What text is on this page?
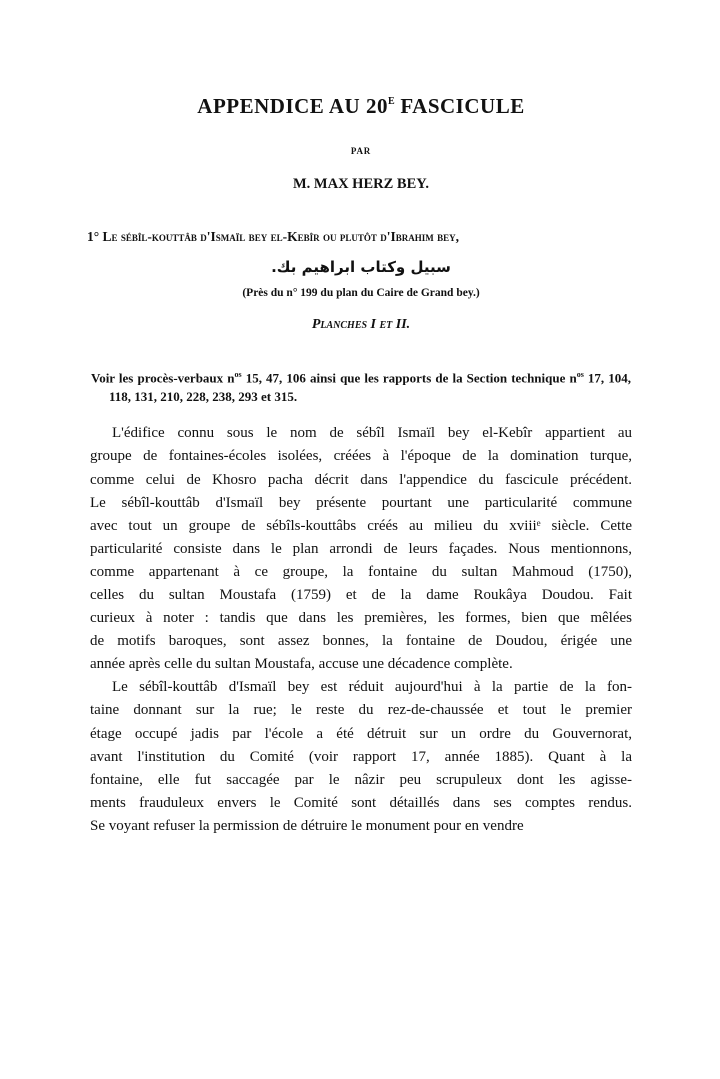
APPENDICE AU $20^E$ FASCICULE
PAR
M. MAX HERZ BEY.
1° Le sébîl-kouttâb d'Ismaïl bey el-Kebîr ou plutôt d'Ibrahim bey,
سبيل وكتاب ابراهيم بك.
(Près du n° 199 du plan du Caire de Grand bey.)
Planches I et II.
Voir les procès-verbaux $n^{os}$ 15, 47, 106 ainsi que les rapports de la Section technique $n^{os}$ 17, 104, 118, 131, 210, 228, 238, 293 et 315.
L'édifice connu sous le nom de sébîl Ismaïl bey el-Kebîr appartient au
groupe de fontaines-écoles isolées, créées à l'époque de la domination turque,
comme celui de Khosro pacha décrit dans l'appendice du fascicule précédent.
Le sébîl-kouttâb d'Ismaïl bey présente pourtant une particularité commune
avec tout un groupe de sébîls-kouttâbs créés au milieu du xviiiᵉ siècle. Cette
particularité consiste dans le plan arrondi de leurs façades. Nous mentionnons,
comme appartenant à ce groupe, la fontaine du sultan Mahmoud (1750),
celles du sultan Moustafa (1759) et de la dame Roukâya Doudou. Fait
curieux à noter : tandis que dans les premières, les formes, bien que mêlées
de motifs baroques, sont assez bonnes, la fontaine de Doudou, érigée une
année après celle du sultan Moustafa, accuse une décadence complète.
Le sébîl-kouttâb d'Ismaïl bey est réduit aujourd'hui à la partie de la fon-
taine donnant sur la rue; le reste du rez-de-chaussée et tout le premier
étage occupé jadis par l'école a été détruit sur un ordre du Gouvernorat,
avant l'institution du Comité (voir rapport 17, année 1885). Quant à la
fontaine, elle fut saccagée par le nâzir peu scrupuleux dont les agisse-
ments frauduleux envers le Comité sont détaillés dans ses comptes rendus.
Se voyant refuser la permission de détruire le monument pour en vendre
